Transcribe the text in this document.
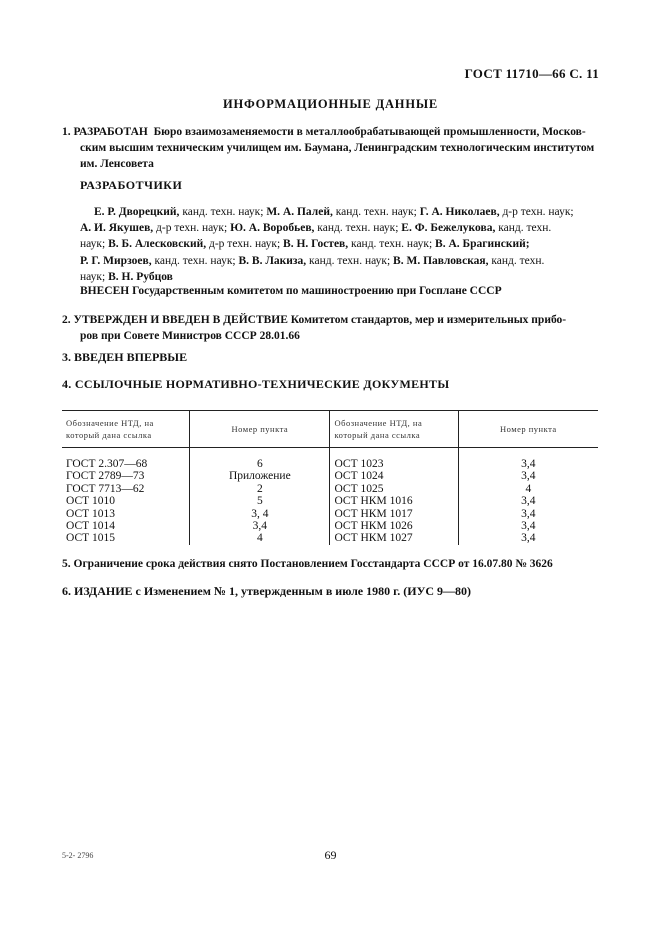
ГОСТ 11710—66 С. 11
ИНФОРМАЦИОННЫЕ ДАННЫЕ
1. РАЗРАБОТАН Бюро взаимозаменяемости в металлообрабатывающей промышленности, Москов-
ским высшим техническим училищем им. Баумана, Ленинградским технологическим институтом
им. Ленсовета
РАЗРАБОТЧИКИ
Е. Р. Дворецкий, канд. техн. наук; М. А. Палей, канд. техн. наук; Г. А. Николаев, д-р техн. наук;
А. И. Якушев, д-р техн. наук; Ю. А. Воробьев, канд. техн. наук; Е. Ф. Бежелукова, канд. техн.
наук; В. Б. Алесковский, д-р техн. наук; В. Н. Гостев, канд. техн. наук; В. А. Брагинский;
Р. Г. Мирзоев, канд. техн. наук; В. В. Лакиза, канд. техн. наук; В. М. Павловская, канд. техн.
наук; В. Н. Рубцов
ВНЕСЕН Государственным комитетом по машиностроению при Госплане СССР
2. УТВЕРЖДЕН И ВВЕДЕН В ДЕЙСТВИЕ Комитетом стандартов, мер и измерительных прибо-
ров при Совете Министров СССР 28.01.66
3. ВВЕДЕН ВПЕРВЫЕ
4. ССЫЛОЧНЫЕ НОРМАТИВНО-ТЕХНИЧЕСКИЕ ДОКУМЕНТЫ
Обозначение НТД, на который дана ссылка	Номер пункта	Обозначение НТД, на который дана ссылка	Номер пункта
ГОСТ 2.307—68	6	ОСТ 1023	3,4
ГОСТ 2789—73	Приложение	ОСТ 1024	3,4
ГОСТ 7713—62	2	ОСТ 1025	4
ОСТ 1010	5	ОСТ НКМ 1016	3,4
ОСТ 1013	3, 4	ОСТ НКМ 1017	3,4
ОСТ 1014	3,4	ОСТ НКМ 1026	3,4
ОСТ 1015	4	ОСТ НКМ 1027	3,4
5. Ограничение срока действия снято Постановлением Госстандарта СССР от 16.07.80 № 3626
6. ИЗДАНИЕ с Изменением № 1, утвержденным в июле 1980 г. (ИУС 9—80)
5-2- 2796	69
